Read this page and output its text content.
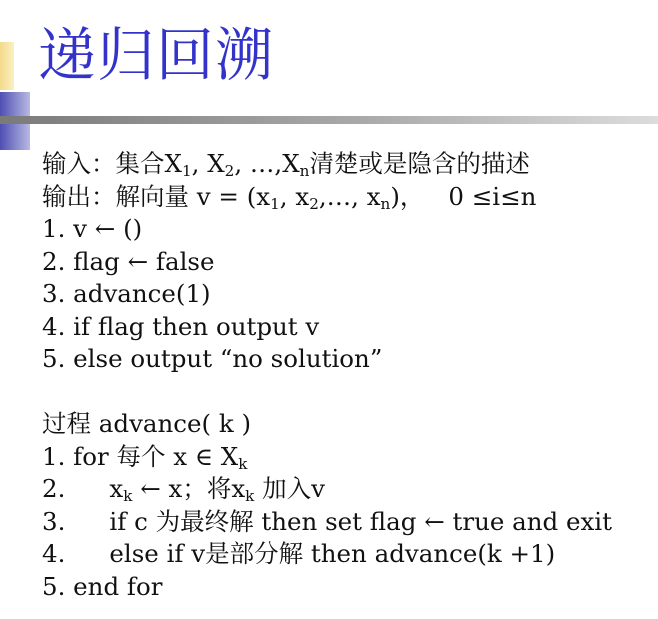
递归回溯
输入：集合$X_1$, $X_2$, $\dots,X_n$清楚或是隐含的描述
输出：解向量 $v = (x_1$, $x_2,\dots$, $x_n$)， 0 ≤i≤n
1. v ← ()
2. flag ← false
3. advance(1)
4. if flag then output v
5. else output “no solution”
过程 advance( k )
1. for 每个 x ∈ $X_k$
2. $x_k$ ← x；将$x_k$ 加入v
3. if c 为最终解 then set flag ← true and exit
4. else if v是部分解 then advance(k +1)
5. end for
